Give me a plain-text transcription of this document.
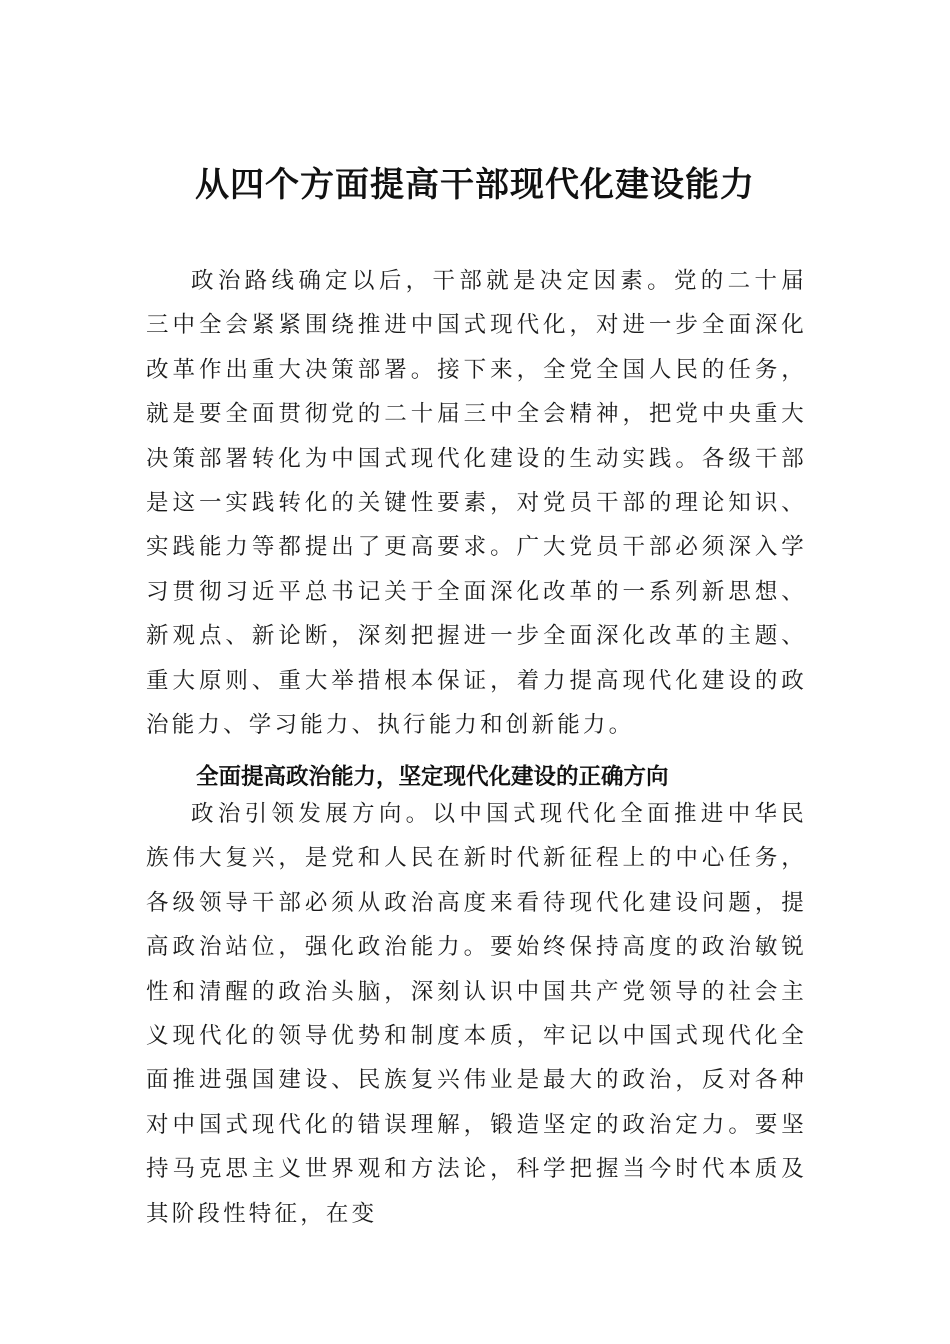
从四个方面提高干部现代化建设能力

政治路线确定以后，干部就是决定因素。党的二十届三中全会紧紧围绕推进中国式现代化，对进一步全面深化改革作出重大决策部署。接下来，全党全国人民的任务，就是要全面贯彻党的二十届三中全会精神，把党中央重大决策部署转化为中国式现代化建设的生动实践。各级干部是这一实践转化的关键性要素，对党员干部的理论知识、实践能力等都提出了更高要求。广大党员干部必须深入学习贯彻习近平总书记关于全面深化改革的一系列新思想、新观点、新论断，深刻把握进一步全面深化改革的主题、重大原则、重大举措根本保证，着力提高现代化建设的政治能力、学习能力、执行能力和创新能力。

全面提高政治能力，坚定现代化建设的正确方向

政治引领发展方向。以中国式现代化全面推进中华民族伟大复兴，是党和人民在新时代新征程上的中心任务，各级领导干部必须从政治高度来看待现代化建设问题，提高政治站位，强化政治能力。要始终保持高度的政治敏锐性和清醒的政治头脑，深刻认识中国共产党领导的社会主义现代化的领导优势和制度本质，牢记以中国式现代化全面推进强国建设、民族复兴伟业是最大的政治，反对各种对中国式现代化的错误理解，锻造坚定的政治定力。要坚持马克思主义世界观和方法论，科学把握当今时代本质及其阶段性特征，在变
